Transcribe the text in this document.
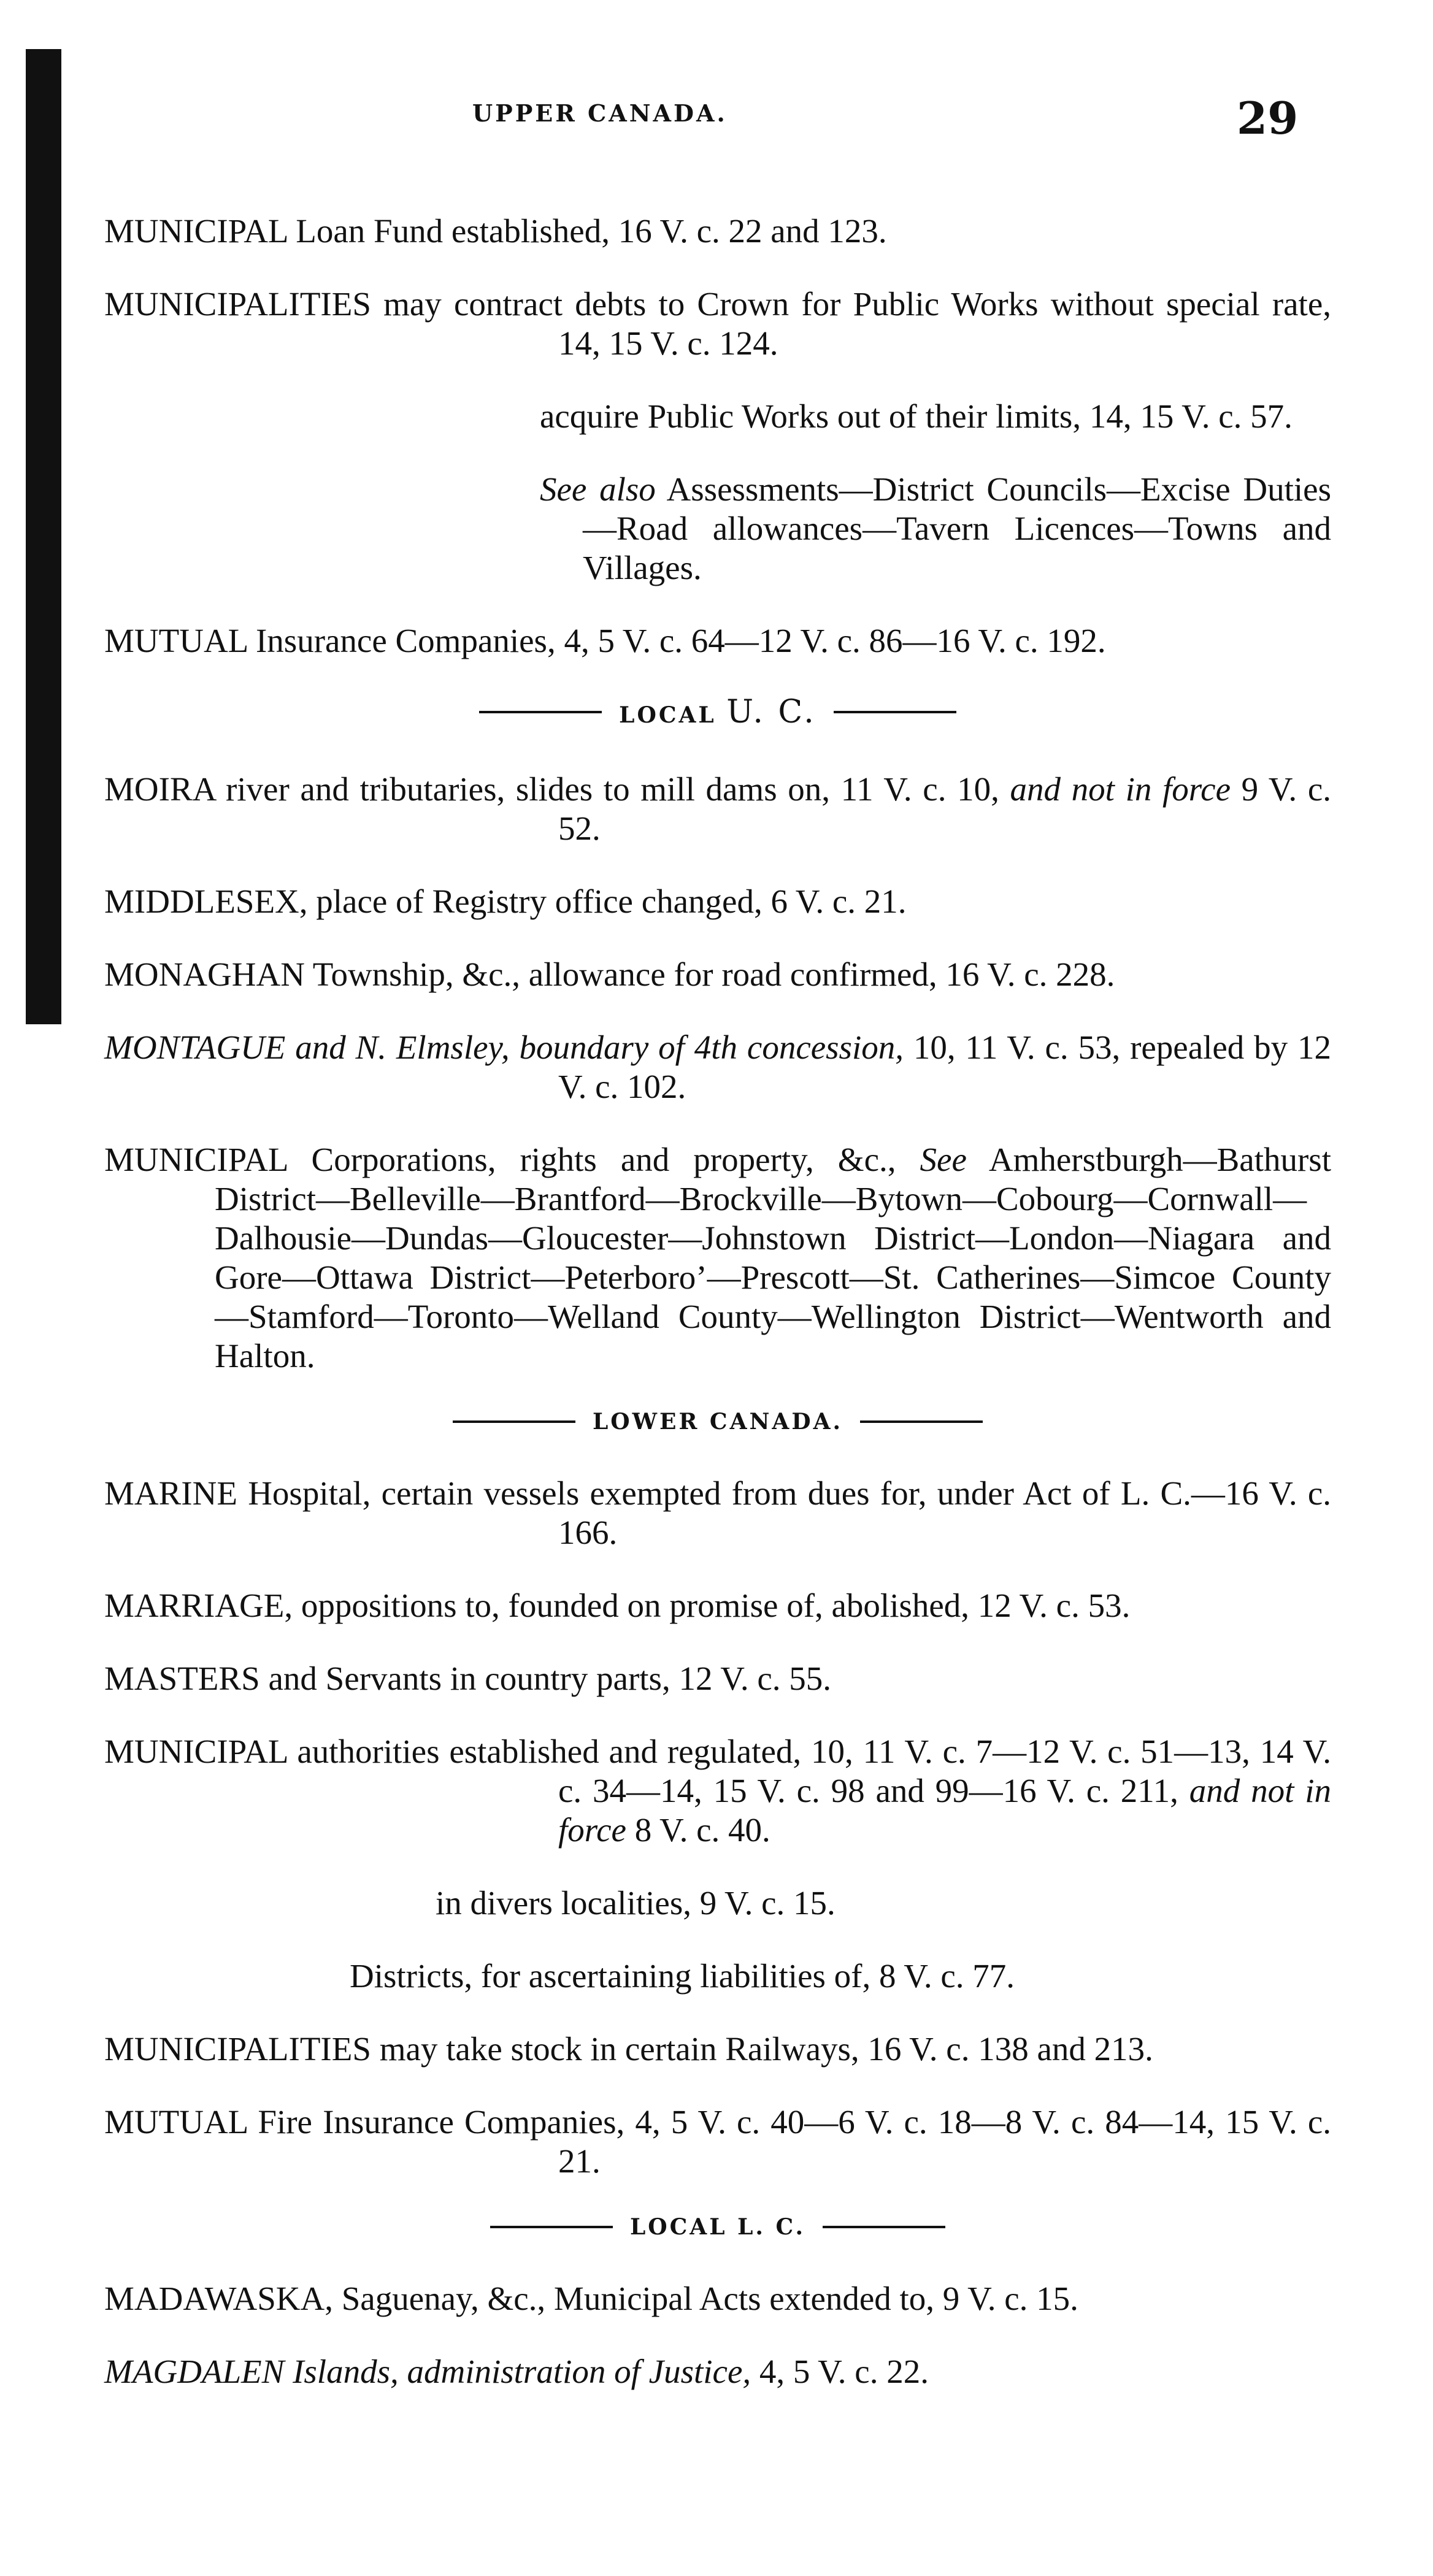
UPPER CANADA.	29

MUNICIPAL Loan Fund established, 16 V. c. 22 and 123.

MUNICIPALITIES may contract debts to Crown for Public Works without special rate, 14, 15 V. c. 124.

acquire Public Works out of their limits, 14, 15 V. c. 57.

See also Assessments—District Councils—Excise Duties—Road allowances—Tavern Licences—Towns and Villages.

MUTUAL Insurance Companies, 4, 5 V. c. 64—12 V. c. 86—16 V. c. 192.

LOCAL U. C.

MOIRA river and tributaries, slides to mill dams on, 11 V. c. 10, and not in force 9 V. c. 52.

MIDDLESEX, place of Registry office changed, 6 V. c. 21.

MONAGHAN Township, &c., allowance for road confirmed, 16 V. c. 228.

MONTAGUE and N. Elmsley, boundary of 4th concession, 10, 11 V. c. 53, repealed by 12 V. c. 102.

MUNICIPAL Corporations, rights and property, &c., See Amherstburgh—Bathurst District—Belleville—Brantford—Brockville—Bytown—Cobourg—Cornwall—Dalhousie—Dundas—Gloucester—Johnstown District—London—Niagara and Gore—Ottawa District—Peterboro’—Prescott—St. Catherines—Simcoe County—Stamford—Toronto—Welland County—Wellington District—Wentworth and Halton.

LOWER CANADA.

MARINE Hospital, certain vessels exempted from dues for, under Act of L. C.—16 V. c. 166.

MARRIAGE, oppositions to, founded on promise of, abolished, 12 V. c. 53.

MASTERS and Servants in country parts, 12 V. c. 55.

MUNICIPAL authorities established and regulated, 10, 11 V. c. 7—12 V. c. 51—13, 14 V. c. 34—14, 15 V. c. 98 and 99—16 V. c. 211, and not in force 8 V. c. 40.

in divers localities, 9 V. c. 15.

Districts, for ascertaining liabilities of, 8 V. c. 77.

MUNICIPALITIES may take stock in certain Railways, 16 V. c. 138 and 213.

MUTUAL Fire Insurance Companies, 4, 5 V. c. 40—6 V. c. 18—8 V. c. 84—14, 15 V. c. 21.

LOCAL L. C.

MADAWASKA, Saguenay, &c., Municipal Acts extended to, 9 V. c. 15.

MAGDALEN Islands, administration of Justice, 4, 5 V. c. 22.
